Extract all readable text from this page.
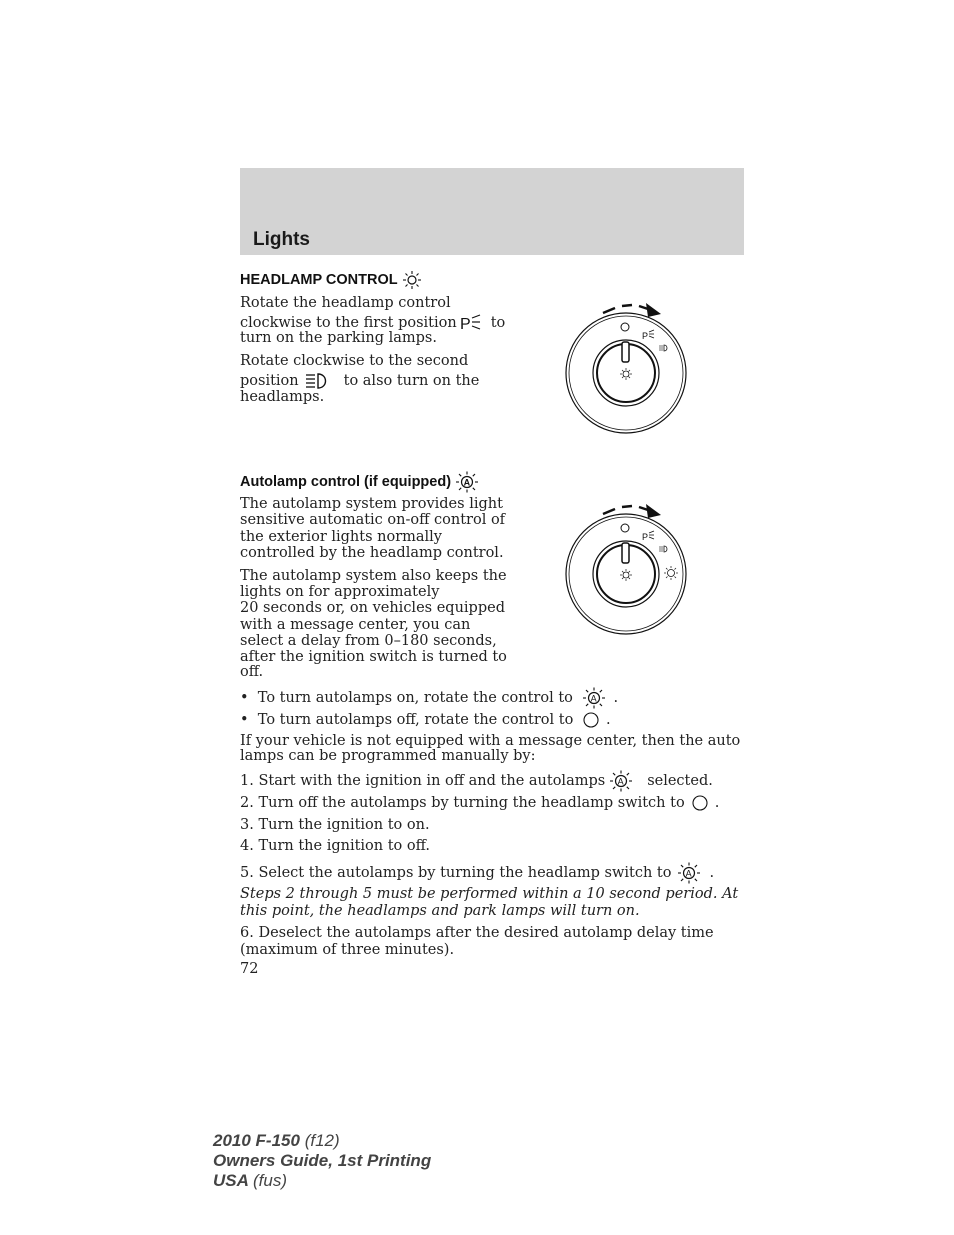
Lights
HEADLAMP CONTROL
Rotate the headlamp control
clockwise to the first position P to
turn on the parking lamps.
Rotate clockwise to the second
position	to also turn on the
headlamps.
P
Autolamp control (if equipped) A
The autolamp system provides light
sensitive automatic on-off control of
the exterior lights normally
controlled by the headlamp control.
The autolamp system also keeps the
lights on for approximately
20 seconds or, on vehicles equipped
with a message center, you can
select a delay from 0–180 seconds,
after the ignition switch is turned to
off.
P
•  To turn autolamps on, rotate the control to A .
•  To turn autolamps off, rotate the control to .
If your vehicle is not equipped with a message center, then the auto
lamps can be programmed manually by:
1. Start with the ignition in off and the autolamps A selected.
2. Turn off the autolamps by turning the headlamp switch to .
3. Turn the ignition to on.
4. Turn the ignition to off.
5. Select the autolamps by turning the headlamp switch to A .
Steps 2 through 5 must be performed within a 10 second period. At
this point, the headlamps and park lamps will turn on.
6. Deselect the autolamps after the desired autolamp delay time
(maximum of three minutes).
72
2010 F-150 (f12)
Owners Guide, 1st Printing
USA (fus)
